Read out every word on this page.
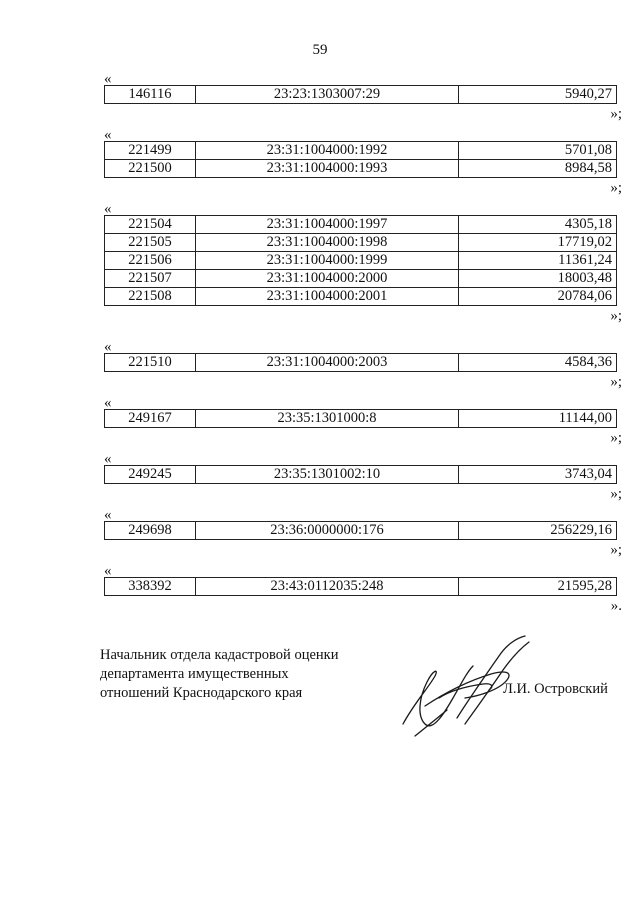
59
«
146116	23:23:1303007:29	5940,27
»;
«
221499	23:31:1004000:1992	5701,08
221500	23:31:1004000:1993	8984,58
»;
«
221504	23:31:1004000:1997	4305,18
221505	23:31:1004000:1998	17719,02
221506	23:31:1004000:1999	11361,24
221507	23:31:1004000:2000	18003,48
221508	23:31:1004000:2001	20784,06
»;
«
221510	23:31:1004000:2003	4584,36
»;
«
249167	23:35:1301000:8	11144,00
»;
«
249245	23:35:1301002:10	3743,04
»;
«
249698	23:36:0000000:176	256229,16
»;
«
338392	23:43:0112035:248	21595,28
».
Начальник отдела кадастровой оценки
департамента имущественных
отношений Краснодарского края	Л.И. Островский
